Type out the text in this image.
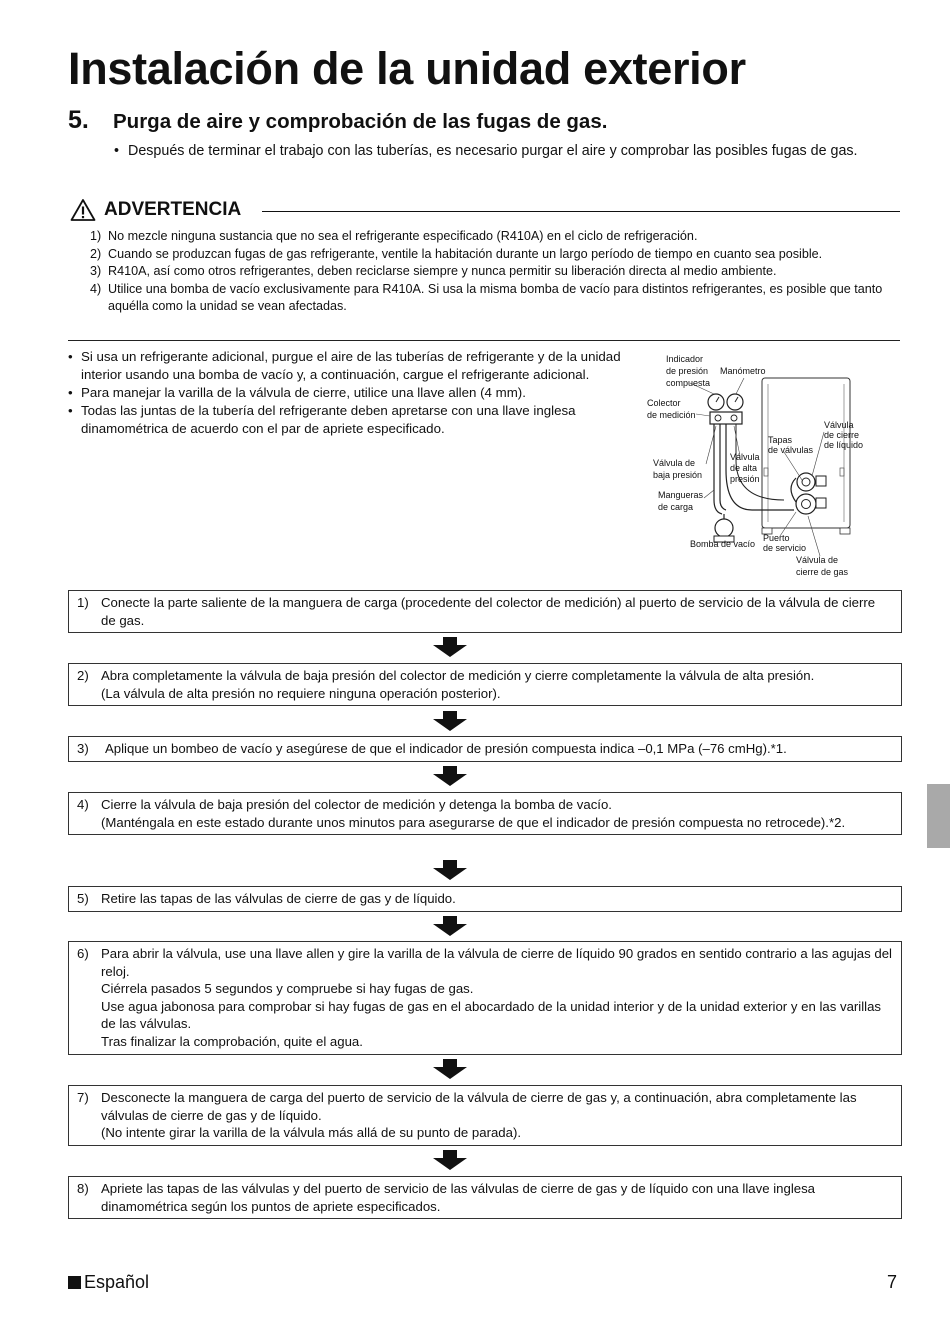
Instalación de la unidad exterior
5. Purga de aire y comprobación de las fugas de gas.
• Después de terminar el trabajo con las tuberías, es necesario purgar el aire y comprobar las posibles fugas de gas.
ADVERTENCIA
1) No mezcle ninguna sustancia que no sea el refrigerante especificado (R410A) en el ciclo de refrigeración.
2) Cuando se produzcan fugas de gas refrigerante, ventile la habitación durante un largo período de tiempo en cuanto sea posible.
3) R410A, así como otros refrigerantes, deben reciclarse siempre y nunca permitir su liberación directa al medio ambiente.
4) Utilice una bomba de vacío exclusivamente para R410A. Si usa la misma bomba de vacío para distintos refrigerantes, es posible que tanto aquélla como la unidad se vean afectadas.
• Si usa un refrigerante adicional, purgue el aire de las tuberías de refrigerante y de la unidad interior usando una bomba de vacío y, a continuación, cargue el refrigerante adicional.
• Para manejar la varilla de la válvula de cierre, utilice una llave allen (4 mm).
• Todas las juntas de la tubería del refrigerante deben apretarse con una llave inglesa dinamométrica de acuerdo con el par de apriete especificado.
Indicador
de presión
compuesta
Manómetro
Colector
de medición
Válvula
de cierre
de líquido
Tapas
de válvulas
Válvula de
baja presión
Válvula
de alta
presión
Mangueras
de carga
Bomba de vacío
Puerto
de servicio
Válvula de
cierre de gas
1) Conecte la parte saliente de la manguera de carga (procedente del colector de medición) al puerto de servicio de la válvula de cierre de gas.
2) Abra completamente la válvula de baja presión del colector de medición y cierre completamente la válvula de alta presión.
(La válvula de alta presión no requiere ninguna operación posterior).
3)	Aplique un bombeo de vacío y asegúrese de que el indicador de presión compuesta indica –0,1 MPa (–76 cmHg).*1.
4) Cierre la válvula de baja presión del colector de medición y detenga la bomba de vacío.
(Manténgala en este estado durante unos minutos para asegurarse de que el indicador de presión compuesta no retrocede).*2.
5) Retire las tapas de las válvulas de cierre de gas y de líquido.
6) Para abrir la válvula, use una llave allen y gire la varilla de la válvula de cierre de líquido 90 grados en sentido contrario a las agujas del reloj.
Ciérrela pasados 5 segundos y compruebe si hay fugas de gas.
Use agua jabonosa para comprobar si hay fugas de gas en el abocardado de la unidad interior y de la unidad exterior y en las varillas de las válvulas.
Tras finalizar la comprobación, quite el agua.
7) Desconecte la manguera de carga del puerto de servicio de la válvula de cierre de gas y, a continuación, abra completamente las válvulas de cierre de gas y de líquido.
(No intente girar la varilla de la válvula más allá de su punto de parada).
8) Apriete las tapas de las válvulas y del puerto de servicio de las válvulas de cierre de gas y de líquido con una llave inglesa dinamométrica según los puntos de apriete especificados.
Español	7
